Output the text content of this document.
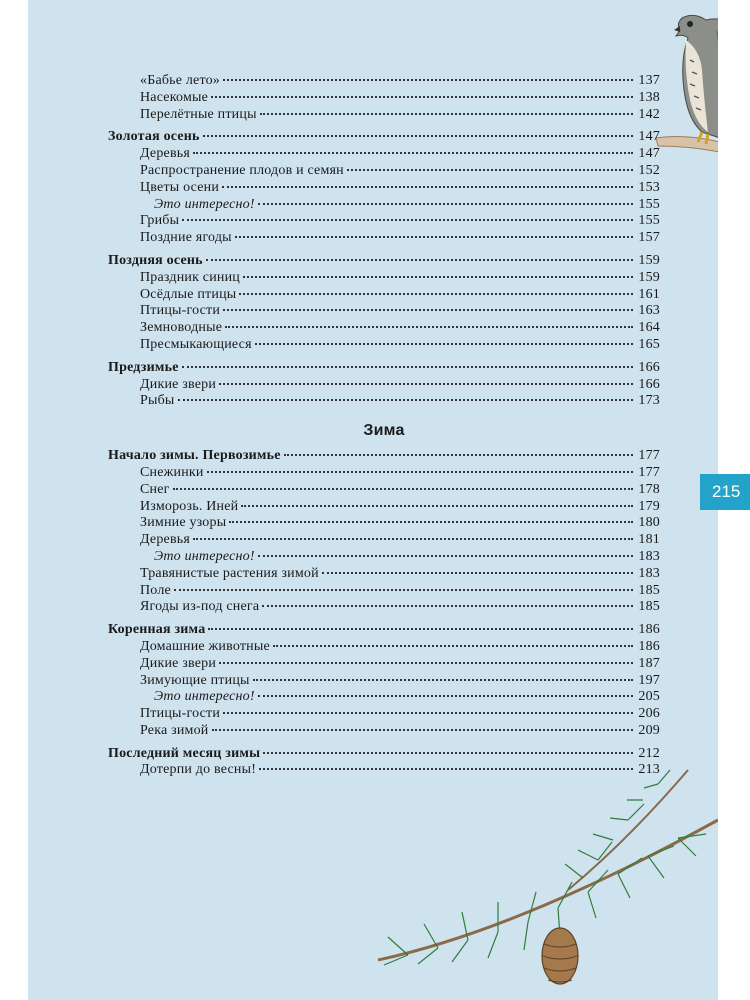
«Бабье лето»	137
Насекомые	138
Перелётные птицы	142
Золотая осень	147
Деревья	147
Распространение плодов и семян	152
Цветы осени	153
Это интересно!	155
Грибы	155
Поздние ягоды	157
Поздняя осень	159
Праздник синиц	159
Осёдлые птицы	161
Птицы-гости	163
Земноводные	164
Пресмыкающиеся	165
Предзимье	166
Дикие звери	166
Рыбы	173
Зима
Начало зимы. Первозимье	177
Снежинки	177
Снег	178
Изморозь. Иней	179
Зимние узоры	180
Деревья	181
Это интересно!	183
Травянистые растения зимой	183
Поле	185
Ягоды из-под снега	185
Коренная зима	186
Домашние животные	186
Дикие звери	187
Зимующие птицы	197
Это интересно!	205
Птицы-гости	206
Река зимой	209
Последний месяц зимы	212
Дотерпи до весны!	213
215
